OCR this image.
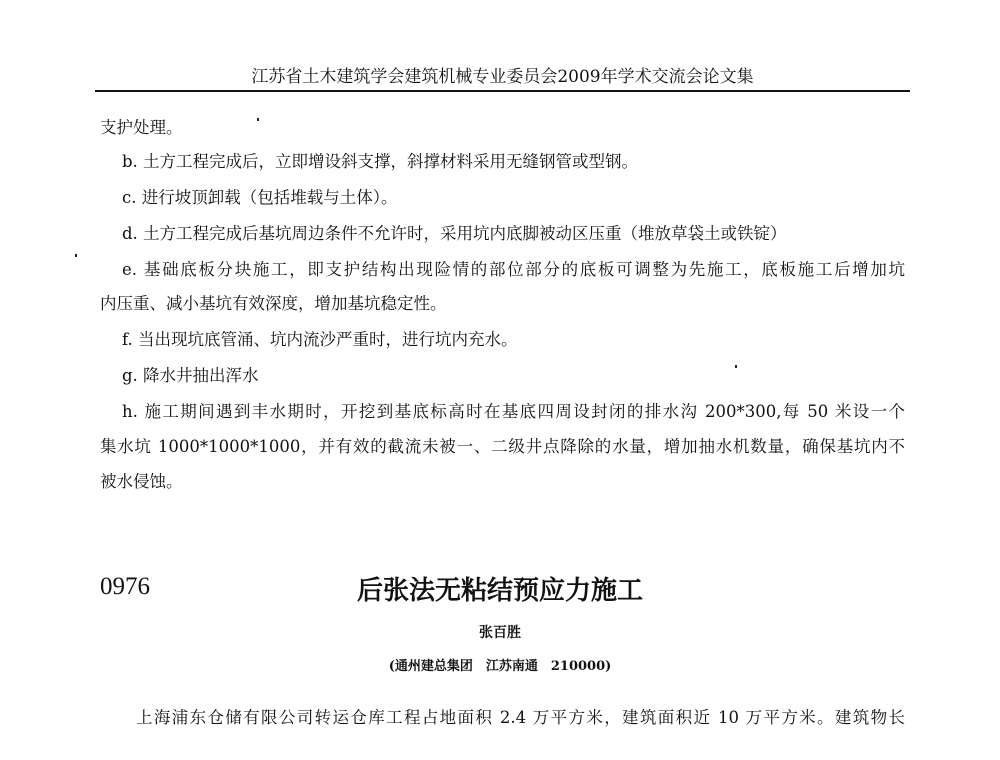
江苏省土木建筑学会建筑机械专业委员会2009年学术交流会论文集
支护处理。
b. 土方工程完成后，立即增设斜支撑，斜撑材料采用无缝钢管或型钢。
c. 进行坡顶卸载（包括堆载与土体）。
d. 土方工程完成后基坑周边条件不允许时，采用坑内底脚被动区压重（堆放草袋土或铁锭）
e. 基础底板分块施工，即支护结构出现险情的部位部分的底板可调整为先施工，底板施工后增加坑
内压重、减小基坑有效深度，增加基坑稳定性。
f. 当出现坑底管涌、坑内流沙严重时，进行坑内充水。
g. 降水井抽出浑水
h. 施工期间遇到丰水期时，开挖到基底标高时在基底四周设封闭的排水沟 200*300,每 50 米设一个
集水坑 1000*1000*1000，并有效的截流未被一、二级井点降除的水量，增加抽水机数量，确保基坑内不
被水侵蚀。
0976	后张法无粘结预应力施工
张百胜
(通州建总集团　江苏南通　210000)
上海浦东仓储有限公司转运仓库工程占地面积 2.4 万平方米，建筑面积近 10 万平方米。建筑物长
